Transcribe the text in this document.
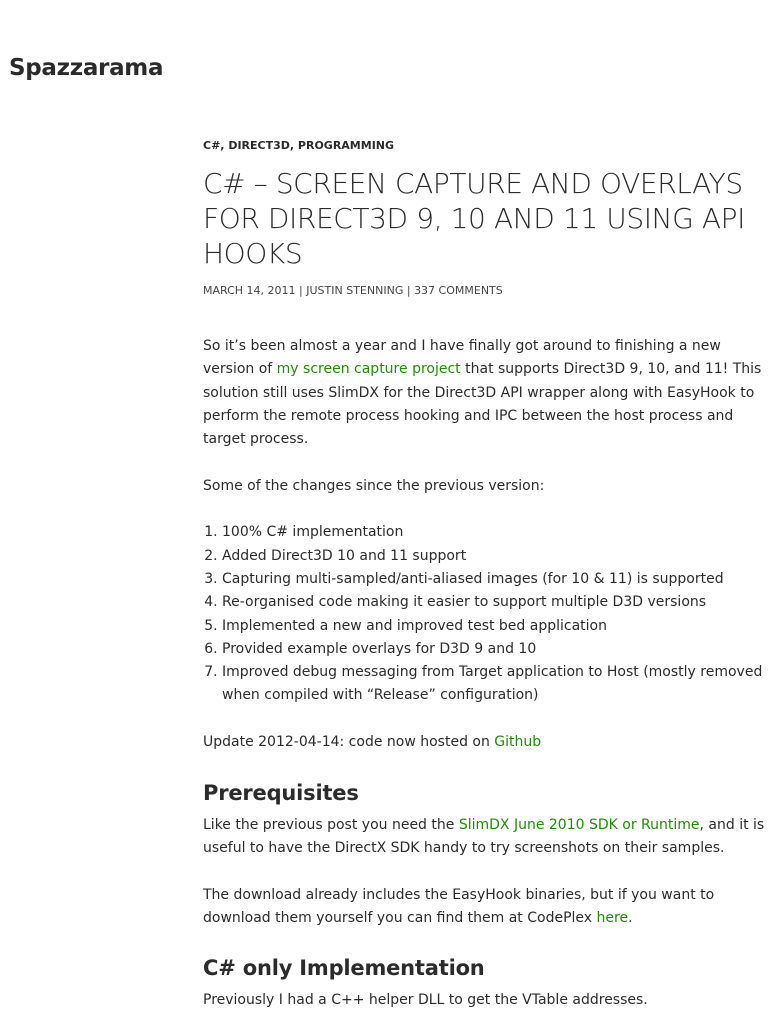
Spazzarama
C#, DIRECT3D, PROGRAMMING
C# – SCREEN CAPTURE AND OVERLAYS FOR DIRECT3D 9, 10 AND 11 USING API HOOKS
MARCH 14, 2011 | JUSTIN STENNING | 337 COMMENTS

So it’s been almost a year and I have finally got around to finishing a new version of my screen capture project that supports Direct3D 9, 10, and 11! This solution still uses SlimDX for the Direct3D API wrapper along with EasyHook to perform the remote process hooking and IPC between the host process and target process.

Some of the changes since the previous version:

1. 100% C# implementation
2. Added Direct3D 10 and 11 support
3. Capturing multi-sampled/anti-aliased images (for 10 & 11) is supported
4. Re-organised code making it easier to support multiple D3D versions
5. Implemented a new and improved test bed application
6. Provided example overlays for D3D 9 and 10
7. Improved debug messaging from Target application to Host (mostly removed when compiled with “Release” configuration)

Update 2012-04-14: code now hosted on Github

Prerequisites

Like the previous post you need the SlimDX June 2010 SDK or Runtime, and it is useful to have the DirectX SDK handy to try screenshots on their samples.

The download already includes the EasyHook binaries, but if you want to download them yourself you can find them at CodePlex here.

C# only Implementation

Previously I had a C++ helper DLL to get the VTable addresses.
